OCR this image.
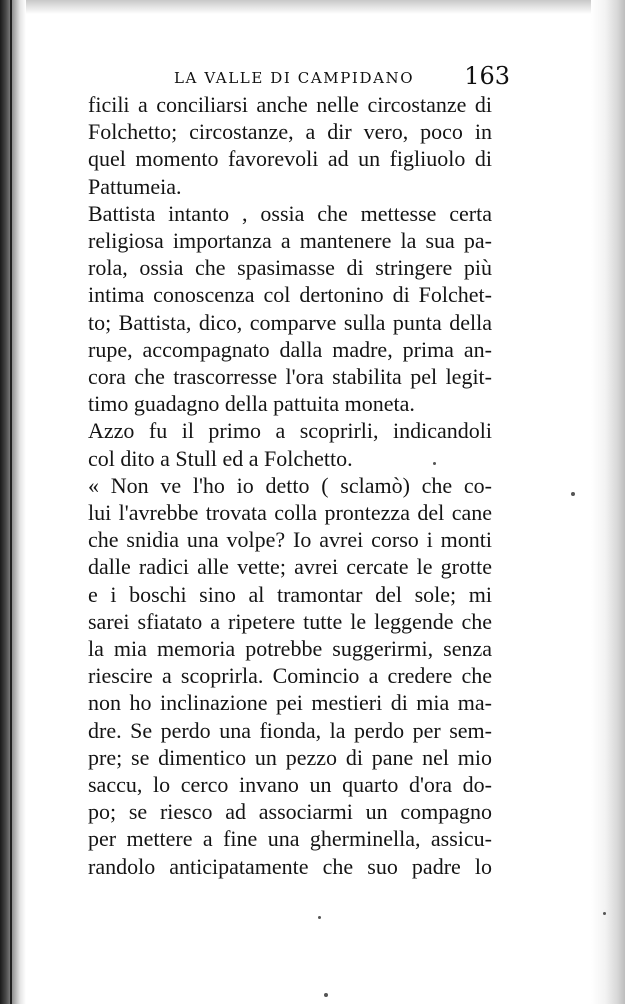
LA VALLE DI CAMPIDANO 163

ficili a conciliarsi anche nelle circostanze di

Folchetto; circostanze, a dir vero, poco in

quel momento favorevoli ad un figliuolo di

Pattumeia.

Battista intanto , ossia che mettesse certa

religiosa importanza a mantenere la sua pa-

rola, ossia che spasimasse di stringere più

intima conoscenza col dertonino di Folchet-

to; Battista, dico, comparve sulla punta della

rupe, accompagnato dalla madre, prima an-

cora che trascorresse l'ora stabilita pel legit-

timo guadagno della pattuita moneta.

Azzo fu il primo a scoprirli, indicandoli

col dito a Stull ed a Folchetto.

« Non ve l'ho io detto ( sclamò) che co-

lui l'avrebbe trovata colla prontezza del cane

che snidia una volpe? Io avrei corso i monti

dalle radici alle vette; avrei cercate le grotte

e i boschi sino al tramontar del sole; mi

sarei sfiatato a ripetere tutte le leggende che

la mia memoria potrebbe suggerirmi, senza

riescire a scoprirla. Comincio a credere che

non ho inclinazione pei mestieri di mia ma-

dre. Se perdo una fionda, la perdo per sem-

pre; se dimentico un pezzo di pane nel mio

saccu, lo cerco invano un quarto d'ora do-

po; se riesco ad associarmi un compagno

per mettere a fine una gherminella, assicu-

randolo anticipatamente che suo padre lo
